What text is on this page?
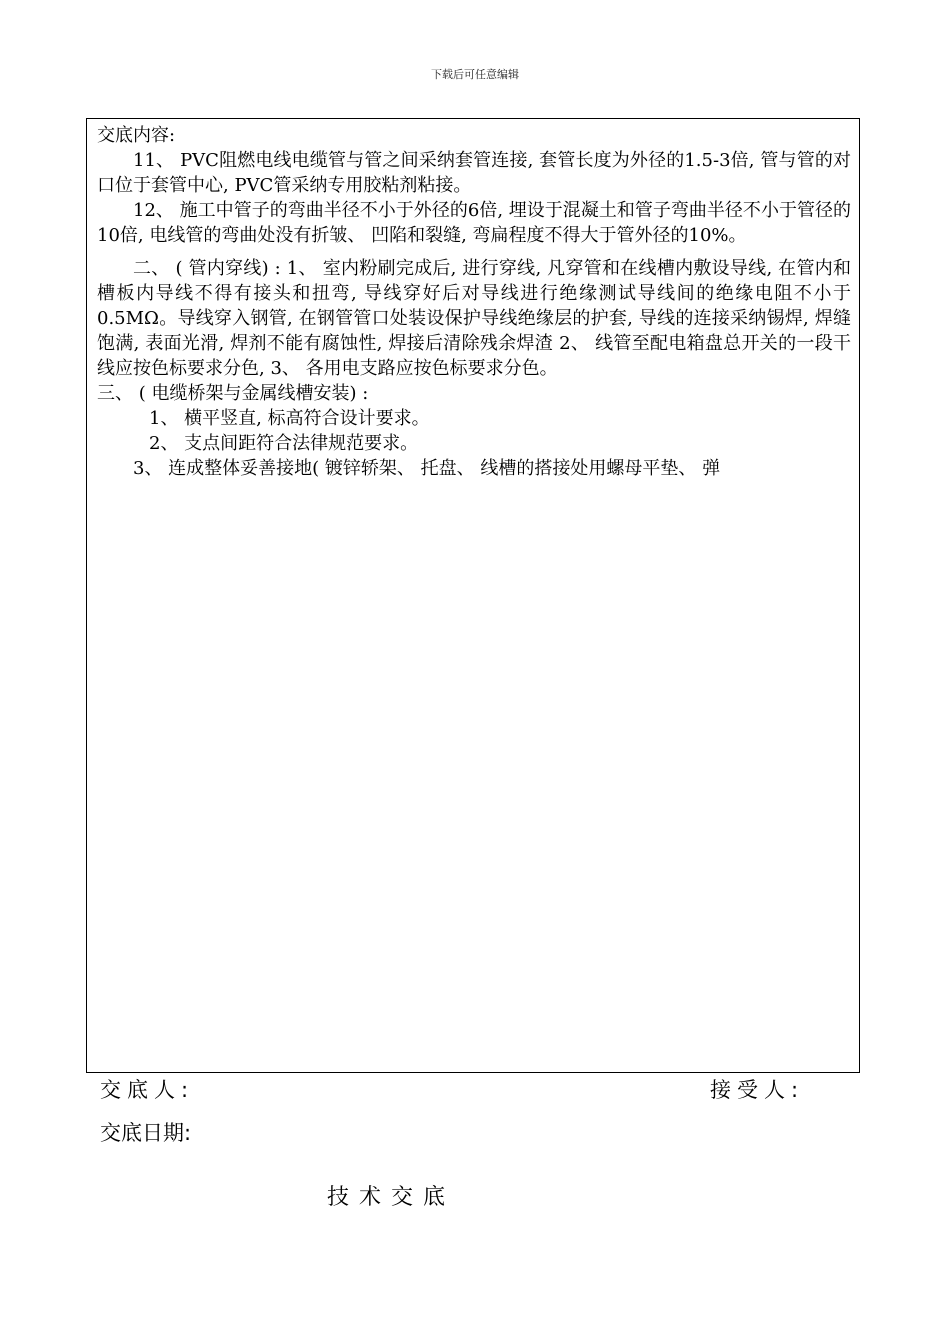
下载后可任意编辑

交底内容:

11、 PVC阻燃电线电缆管与管之间采纳套管连接, 套管长度为外径的1.5-3倍, 管与管的对口位于套管中心, PVC管采纳专用胶粘剂粘接。

12、 施工中管子的弯曲半径不小于外径的6倍, 埋设于混凝土和管子弯曲半径不小于管径的10倍, 电线管的弯曲处没有折皱、 凹陷和裂缝, 弯扁程度不得大于管外径的10%。

二、 ( 管内穿线) : 1、 室内粉刷完成后, 进行穿线, 凡穿管和在线槽内敷设导线, 在管内和槽板内导线不得有接头和扭弯, 导线穿好后对导线进行绝缘测试导线间的绝缘电阻不小于 0.5MΩ。导线穿入钢管, 在钢管管口处装设保护导线绝缘层的护套, 导线的连接采纳锡焊, 焊缝饱满, 表面光滑, 焊剂不能有腐蚀性, 焊接后清除残余焊渣 2、 线管至配电箱盘总开关的一段干线应按色标要求分色, 3、 各用电支路应按色标要求分色。

三、 ( 电缆桥架与金属线槽安装) :

1、 横平竖直, 标高符合设计要求。

2、 支点间距符合法律规范要求。

3、 连成整体妥善接地( 镀锌轿架、 托盘、 线槽的搭接处用螺母平垫、 弹

交底人:	接受人:
交底日期:
技术交底
